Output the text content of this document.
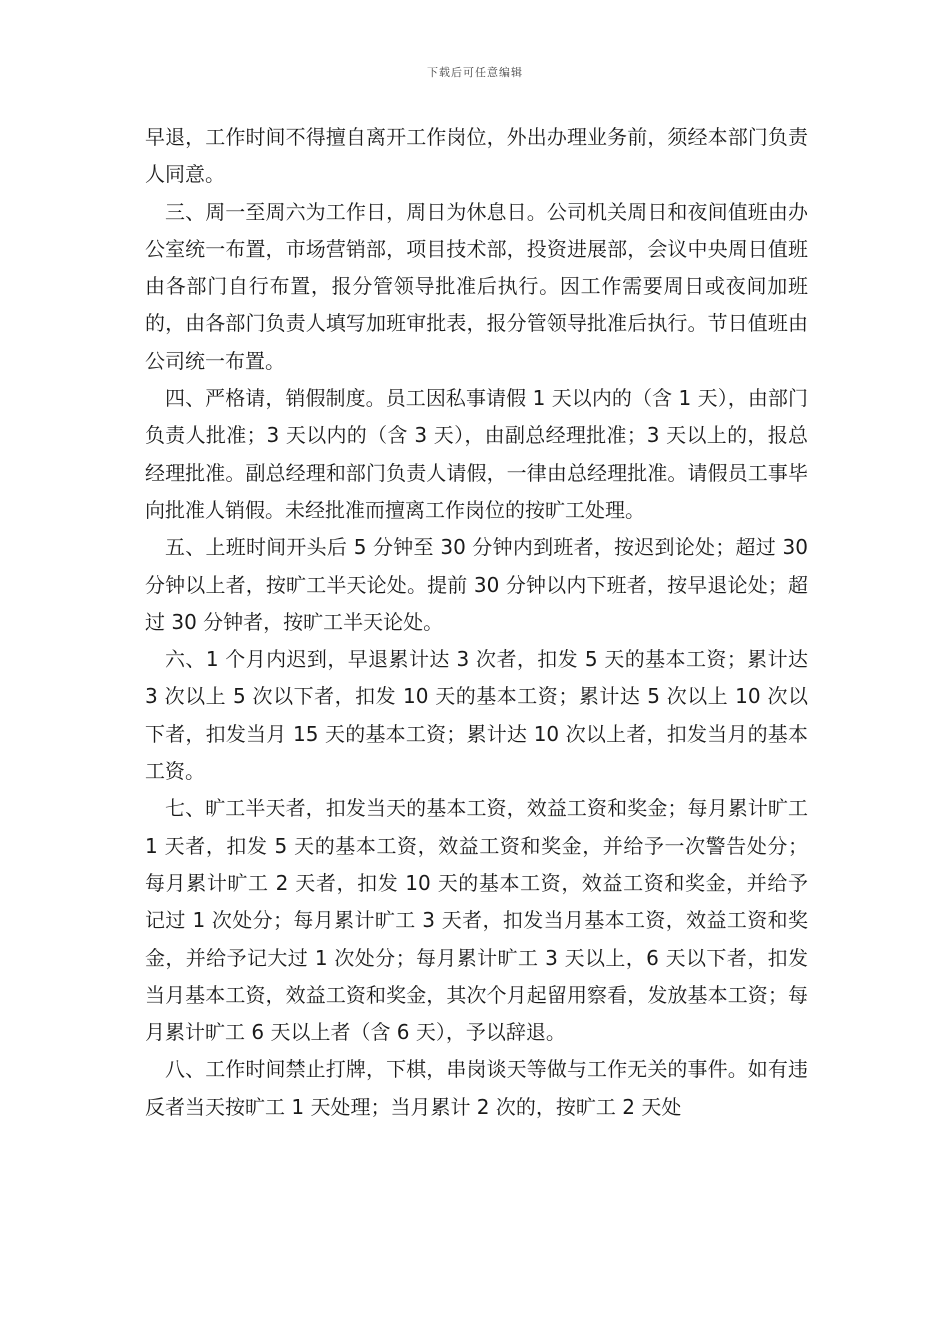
下载后可任意编辑

早退，工作时间不得擅自离开工作岗位，外出办理业务前，须经本部门负责人同意。

三、周一至周六为工作日，周日为休息日。公司机关周日和夜间值班由办公室统一布置，市场营销部，项目技术部，投资进展部，会议中央周日值班由各部门自行布置，报分管领导批准后执行。因工作需要周日或夜间加班的，由各部门负责人填写加班审批表，报分管领导批准后执行。节日值班由公司统一布置。

四、严格请，销假制度。员工因私事请假 1 天以内的（含 1 天），由部门负责人批准；3 天以内的（含 3 天），由副总经理批准；3 天以上的，报总经理批准。副总经理和部门负责人请假，一律由总经理批准。请假员工事毕向批准人销假。未经批准而擅离工作岗位的按旷工处理。

五、上班时间开头后 5 分钟至 30 分钟内到班者，按迟到论处；超过 30 分钟以上者，按旷工半天论处。提前 30 分钟以内下班者，按早退论处；超过 30 分钟者，按旷工半天论处。

六、1 个月内迟到，早退累计达 3 次者，扣发 5 天的基本工资；累计达 3 次以上 5 次以下者，扣发 10 天的基本工资；累计达 5 次以上 10 次以下者，扣发当月 15 天的基本工资；累计达 10 次以上者，扣发当月的基本工资。

七、旷工半天者，扣发当天的基本工资，效益工资和奖金；每月累计旷工 1 天者，扣发 5 天的基本工资，效益工资和奖金，并给予一次警告处分；每月累计旷工 2 天者，扣发 10 天的基本工资，效益工资和奖金，并给予记过 1 次处分；每月累计旷工 3 天者，扣发当月基本工资，效益工资和奖金，并给予记大过 1 次处分；每月累计旷工 3 天以上，6 天以下者，扣发当月基本工资，效益工资和奖金，其次个月起留用察看，发放基本工资；每月累计旷工 6 天以上者（含 6 天），予以辞退。

八、工作时间禁止打牌，下棋，串岗谈天等做与工作无关的事件。如有违反者当天按旷工 1 天处理；当月累计 2 次的，按旷工 2 天处
